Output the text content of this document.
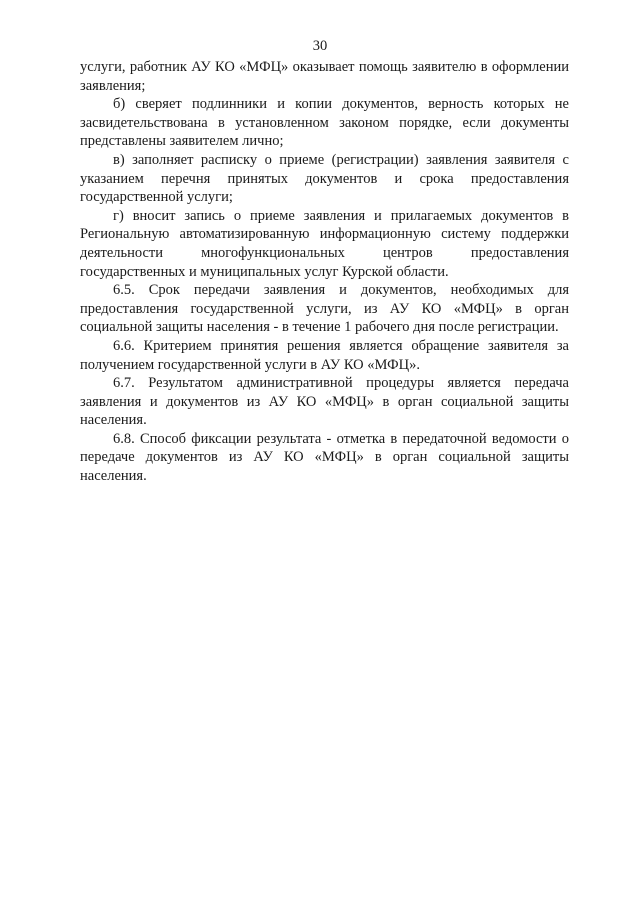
30

услуги, работник АУ КО «МФЦ» оказывает помощь заявителю в оформлении заявления;

б) сверяет подлинники и копии документов, верность которых не засвидетельствована в установленном законом порядке, если документы представлены заявителем лично;

в) заполняет расписку о приеме (регистрации) заявления заявителя с указанием перечня принятых документов и срока предоставления государственной услуги;

г) вносит запись о приеме заявления и прилагаемых документов в Региональную автоматизированную информационную систему поддержки деятельности многофункциональных центров предоставления государственных и муниципальных услуг Курской области.

6.5. Срок передачи заявления и документов, необходимых для предоставления государственной услуги, из АУ КО «МФЦ» в орган социальной защиты населения - в течение 1 рабочего дня после регистрации.

6.6. Критерием принятия решения является обращение заявителя за получением государственной услуги в АУ КО «МФЦ».

6.7. Результатом административной процедуры является передача заявления и документов из АУ КО «МФЦ» в орган социальной защиты населения.

6.8. Способ фиксации результата - отметка в передаточной ведомости о передаче документов из АУ КО «МФЦ» в орган социальной защиты населения.
